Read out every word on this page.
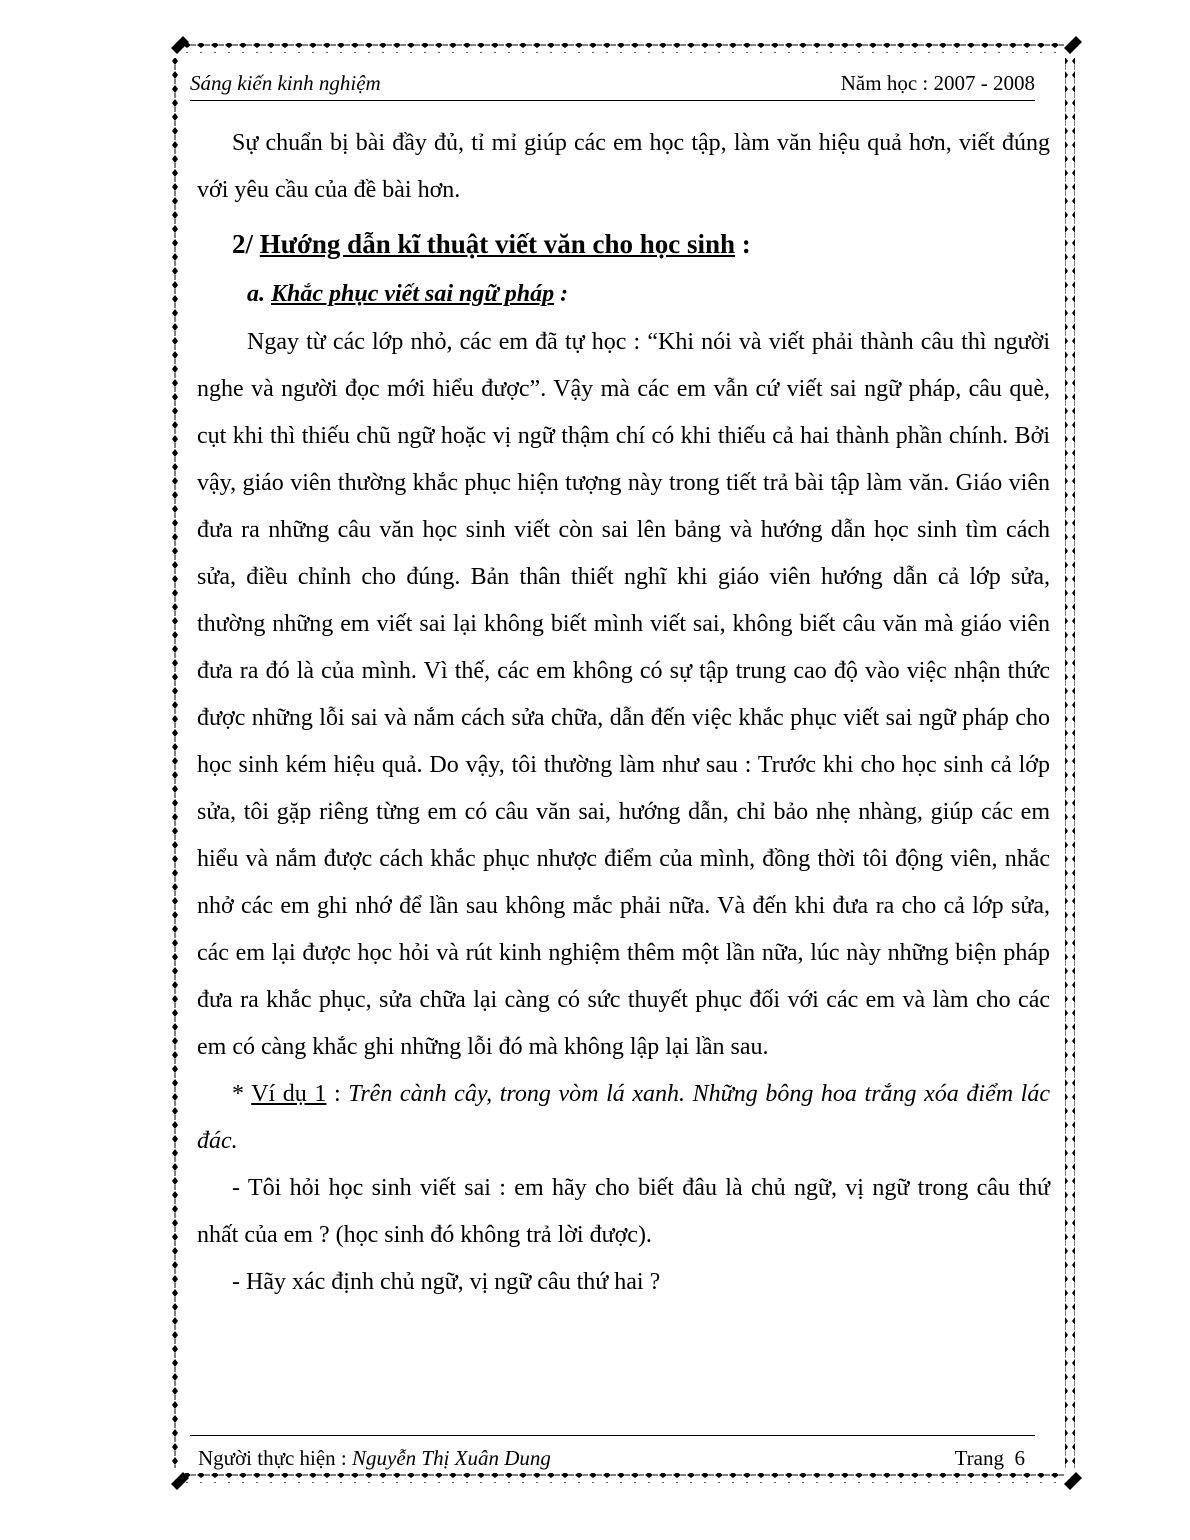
Sáng kiến kinh nghiệm	Năm học : 2007 - 2008

Sự chuẩn bị bài đầy đủ, tỉ mỉ giúp các em học tập, làm văn hiệu quả hơn, viết đúng với yêu cầu của đề bài hơn.

2/ Hướng dẫn kĩ thuật viết văn cho học sinh :
a. Khắc phục viết sai ngữ pháp :

Ngay từ các lớp nhỏ, các em đã tự học : “Khi nói và viết phải thành câu thì người nghe và người đọc mới hiểu được”. Vậy mà các em vẫn cứ viết sai ngữ pháp, câu què, cụt khi thì thiếu chũ ngữ hoặc vị ngữ thậm chí có khi thiếu cả hai thành phần chính. Bởi vậy, giáo viên thường khắc phục hiện tượng này trong tiết trả bài tập làm văn. Giáo viên đưa ra những câu văn học sinh viết còn sai lên bảng và hướng dẫn học sinh tìm cách sửa, điều chỉnh cho đúng. Bản thân thiết nghĩ khi giáo viên hướng dẫn cả lớp sửa, thường những em viết sai lại không biết mình viết sai, không biết câu văn mà giáo viên đưa ra đó là của mình. Vì thế, các em không có sự tập trung cao độ vào việc nhận thức được những lỗi sai và nắm cách sửa chữa, dẫn đến việc khắc phục viết sai ngữ pháp cho học sinh kém hiệu quả. Do vậy, tôi thường làm như sau : Trước khi cho học sinh cả lớp sửa, tôi gặp riêng từng em có câu văn sai, hướng dẫn, chỉ bảo nhẹ nhàng, giúp các em hiểu và nắm được cách khắc phục nhược điểm của mình, đồng thời tôi động viên, nhắc nhở các em ghi nhớ để lần sau không mắc phải nữa. Và đến khi đưa ra cho cả lớp sửa, các em lại được học hỏi và rút kinh nghiệm thêm một lần nữa, lúc này những biện pháp đưa ra khắc phục, sửa chữa lại càng có sức thuyết phục đối với các em và làm cho các em có càng khắc ghi những lỗi đó mà không lập lại lần sau.

* Ví dụ 1 : Trên cành cây, trong vòm lá xanh. Những bông hoa trắng xóa điểm lác đác.

- Tôi hỏi học sinh viết sai : em hãy cho biết đâu là chủ ngữ, vị ngữ trong câu thứ nhất của em ? (học sinh đó không trả lời được).

- Hãy xác định chủ ngữ, vị ngữ câu thứ hai ?

Người thực hiện : Nguyễn Thị Xuân Dung	Trang 6
